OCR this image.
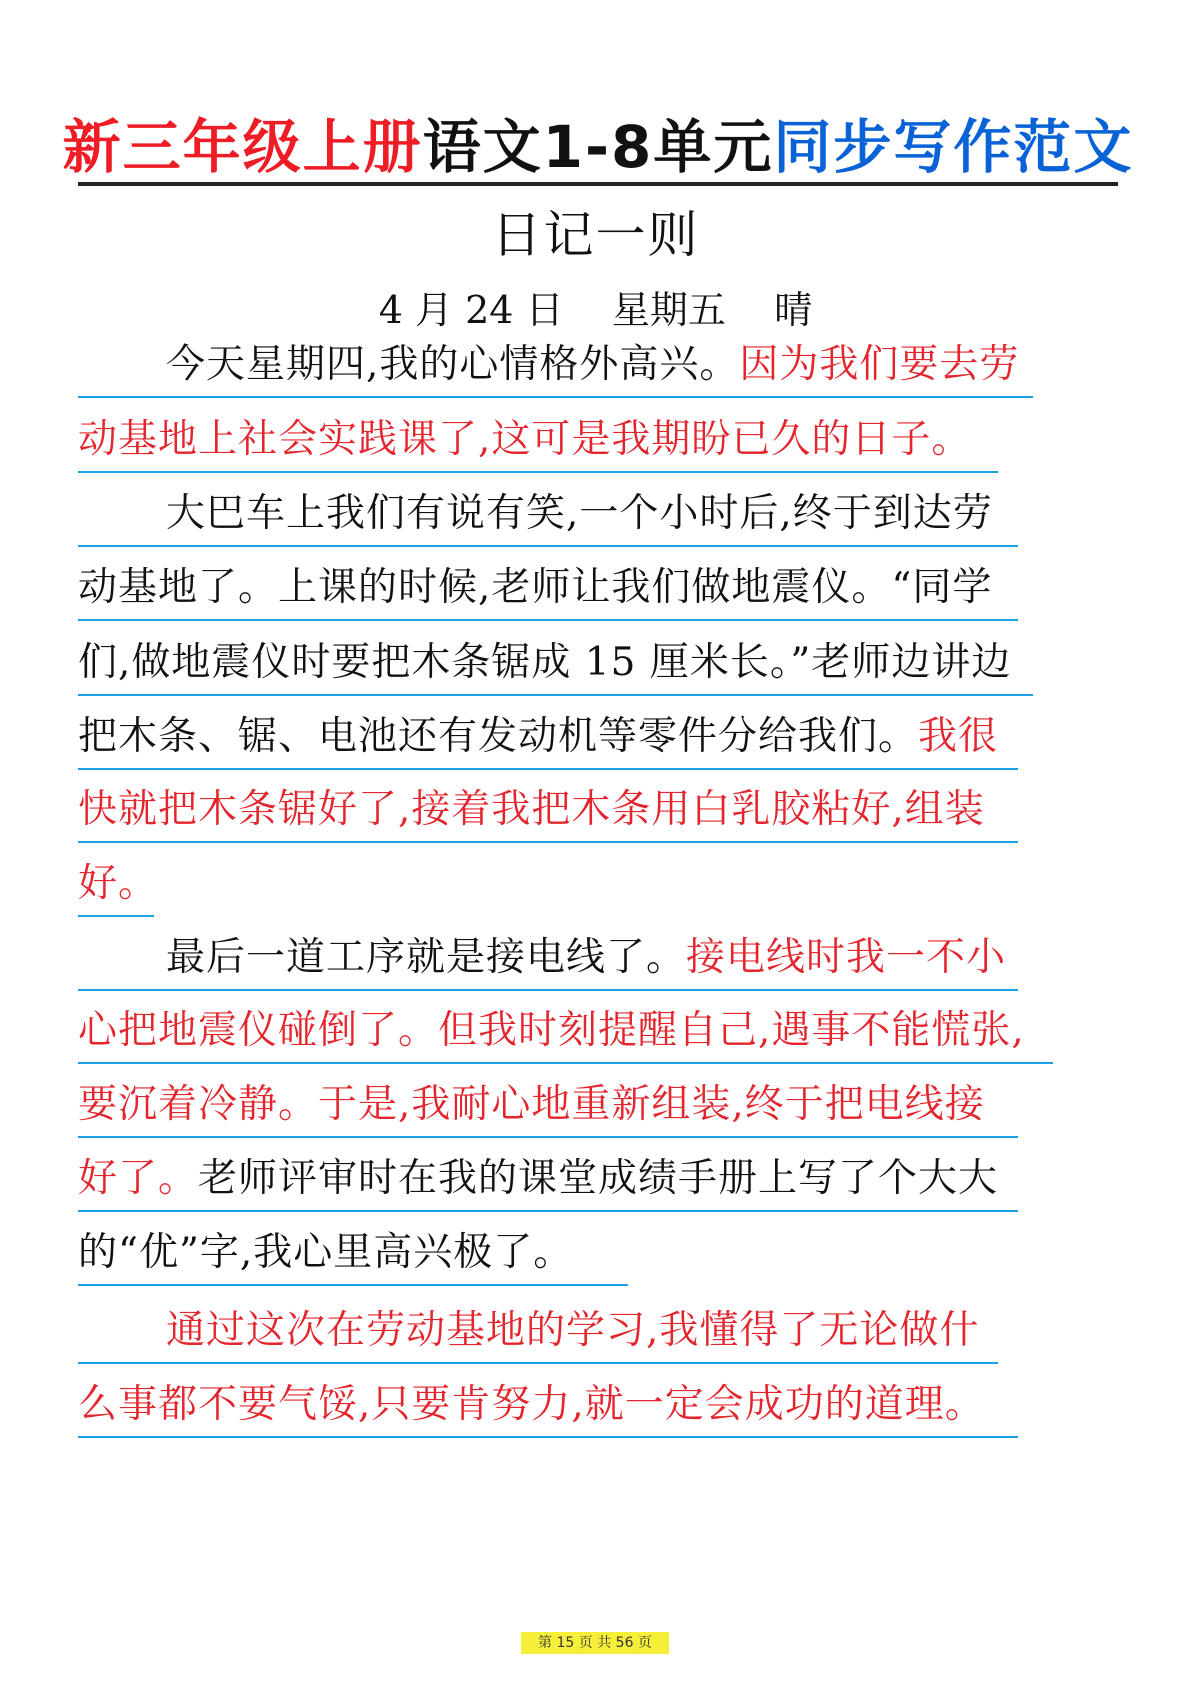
新三年级上册 语文1-8单元 同步写作范文
日记一则
4 月 24 日    星期五    晴
今天星期四,我的心情格外高兴。因为我们要去劳
动基地上社会实践课了,这可是我期盼已久的日子。
大巴车上我们有说有笑,一个小时后,终于到达劳
动基地了。上课的时候,老师让我们做地震仪。“同学
们,做地震仪时要把木条锯成 15 厘米长。”老师边讲边
把木条、锯、电池还有发动机等零件分给我们。我很
快就把木条锯好了,接着我把木条用白乳胶粘好,组装
好。
最后一道工序就是接电线了。接电线时我一不小
心把地震仪碰倒了。但我时刻提醒自己,遇事不能慌张,
要沉着冷静。于是,我耐心地重新组装,终于把电线接
好了。老师评审时在我的课堂成绩手册上写了个大大
的“优”字,我心里高兴极了。
通过这次在劳动基地的学习,我懂得了无论做什
么事都不要气馁,只要肯努力,就一定会成功的道理。
第 15 页 共 56 页
